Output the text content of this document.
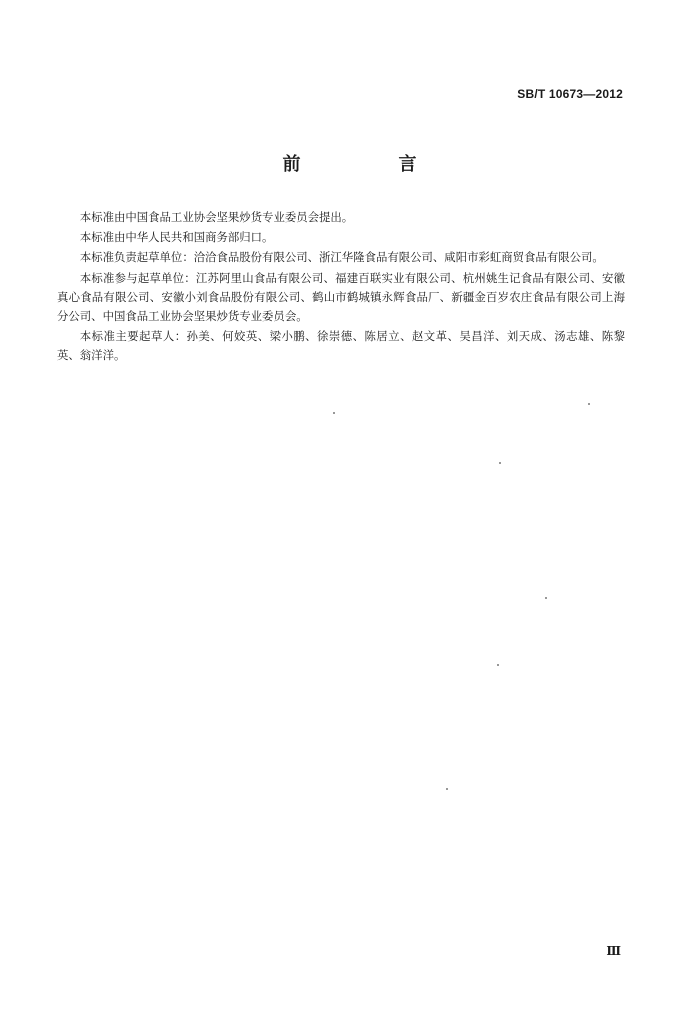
SB/T 10673—2012
前　言

本标准由中国食品工业协会坚果炒货专业委员会提出。

本标准由中华人民共和国商务部归口。

本标准负责起草单位：洽洽食品股份有限公司、浙江华隆食品有限公司、咸阳市彩虹商贸食品有限公司。

本标准参与起草单位：江苏阿里山食品有限公司、福建百联实业有限公司、杭州姚生记食品有限公司、安徽真心食品有限公司、安徽小刘食品股份有限公司、鹤山市鹤城镇永辉食品厂、新疆金百岁农庄食品有限公司上海分公司、中国食品工业协会坚果炒货专业委员会。

本标准主要起草人：孙美、何姣英、梁小鹏、徐崇德、陈居立、赵文革、吴昌洋、刘天成、汤志雄、陈黎英、翁洋洋。

Ⅲ
